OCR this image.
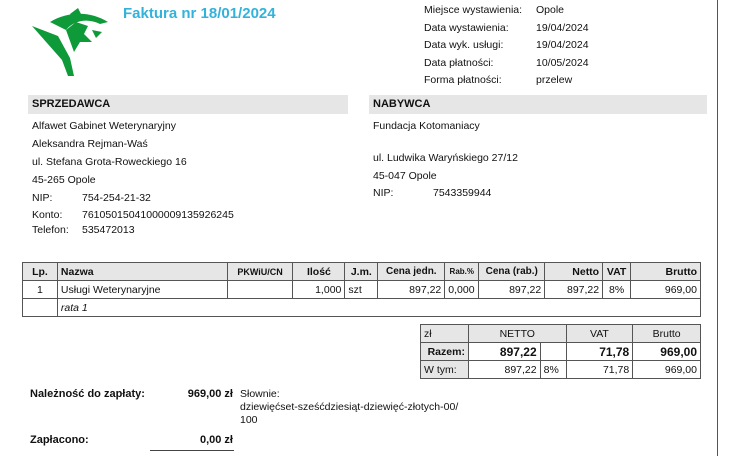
Faktura nr 18/01/2024	Miejsce wystawienia:	Opole
Data wystawienia:	19/04/2024
Data wyk. usługi:	19/04/2024
Data płatności:	10/05/2024
Forma płatności:	przelew
SPRZEDAWCA
Alfawet Gabinet Weterynaryjny
Aleksandra Rejman-Waś
ul. Stefana Grota-Roweckiego 16
45-265 Opole
NIP:	754-254-21-32
Konto: 76105015041000009135926245
Telefon: 535472013
NABYWCA
Fundacja Kotomaniacy
ul. Ludwika Waryńskiego 27/12
45-047 Opole
NIP:	7543359944
Lp.	Nazwa	PKWiU/CN	Ilość	J.m.	Cena jedn.	Rab.%	Cena (rab.)	Netto	VAT	Brutto
1	Usługi Weterynaryjne		1,000	szt	897,22	0,000	897,22	897,22	8%	969,00
	rata 1									
zł	NETTO		VAT	Brutto
Razem:	897,22		71,78	969,00
W tym:	897,22	8%	71,78	969,00
Należność do zapłaty:	969,00 zł Słownie:
dziewięćset-sześćdziesiąt-dziewięć-złotych-00/
100
Zapłacono:	0,00 zł
